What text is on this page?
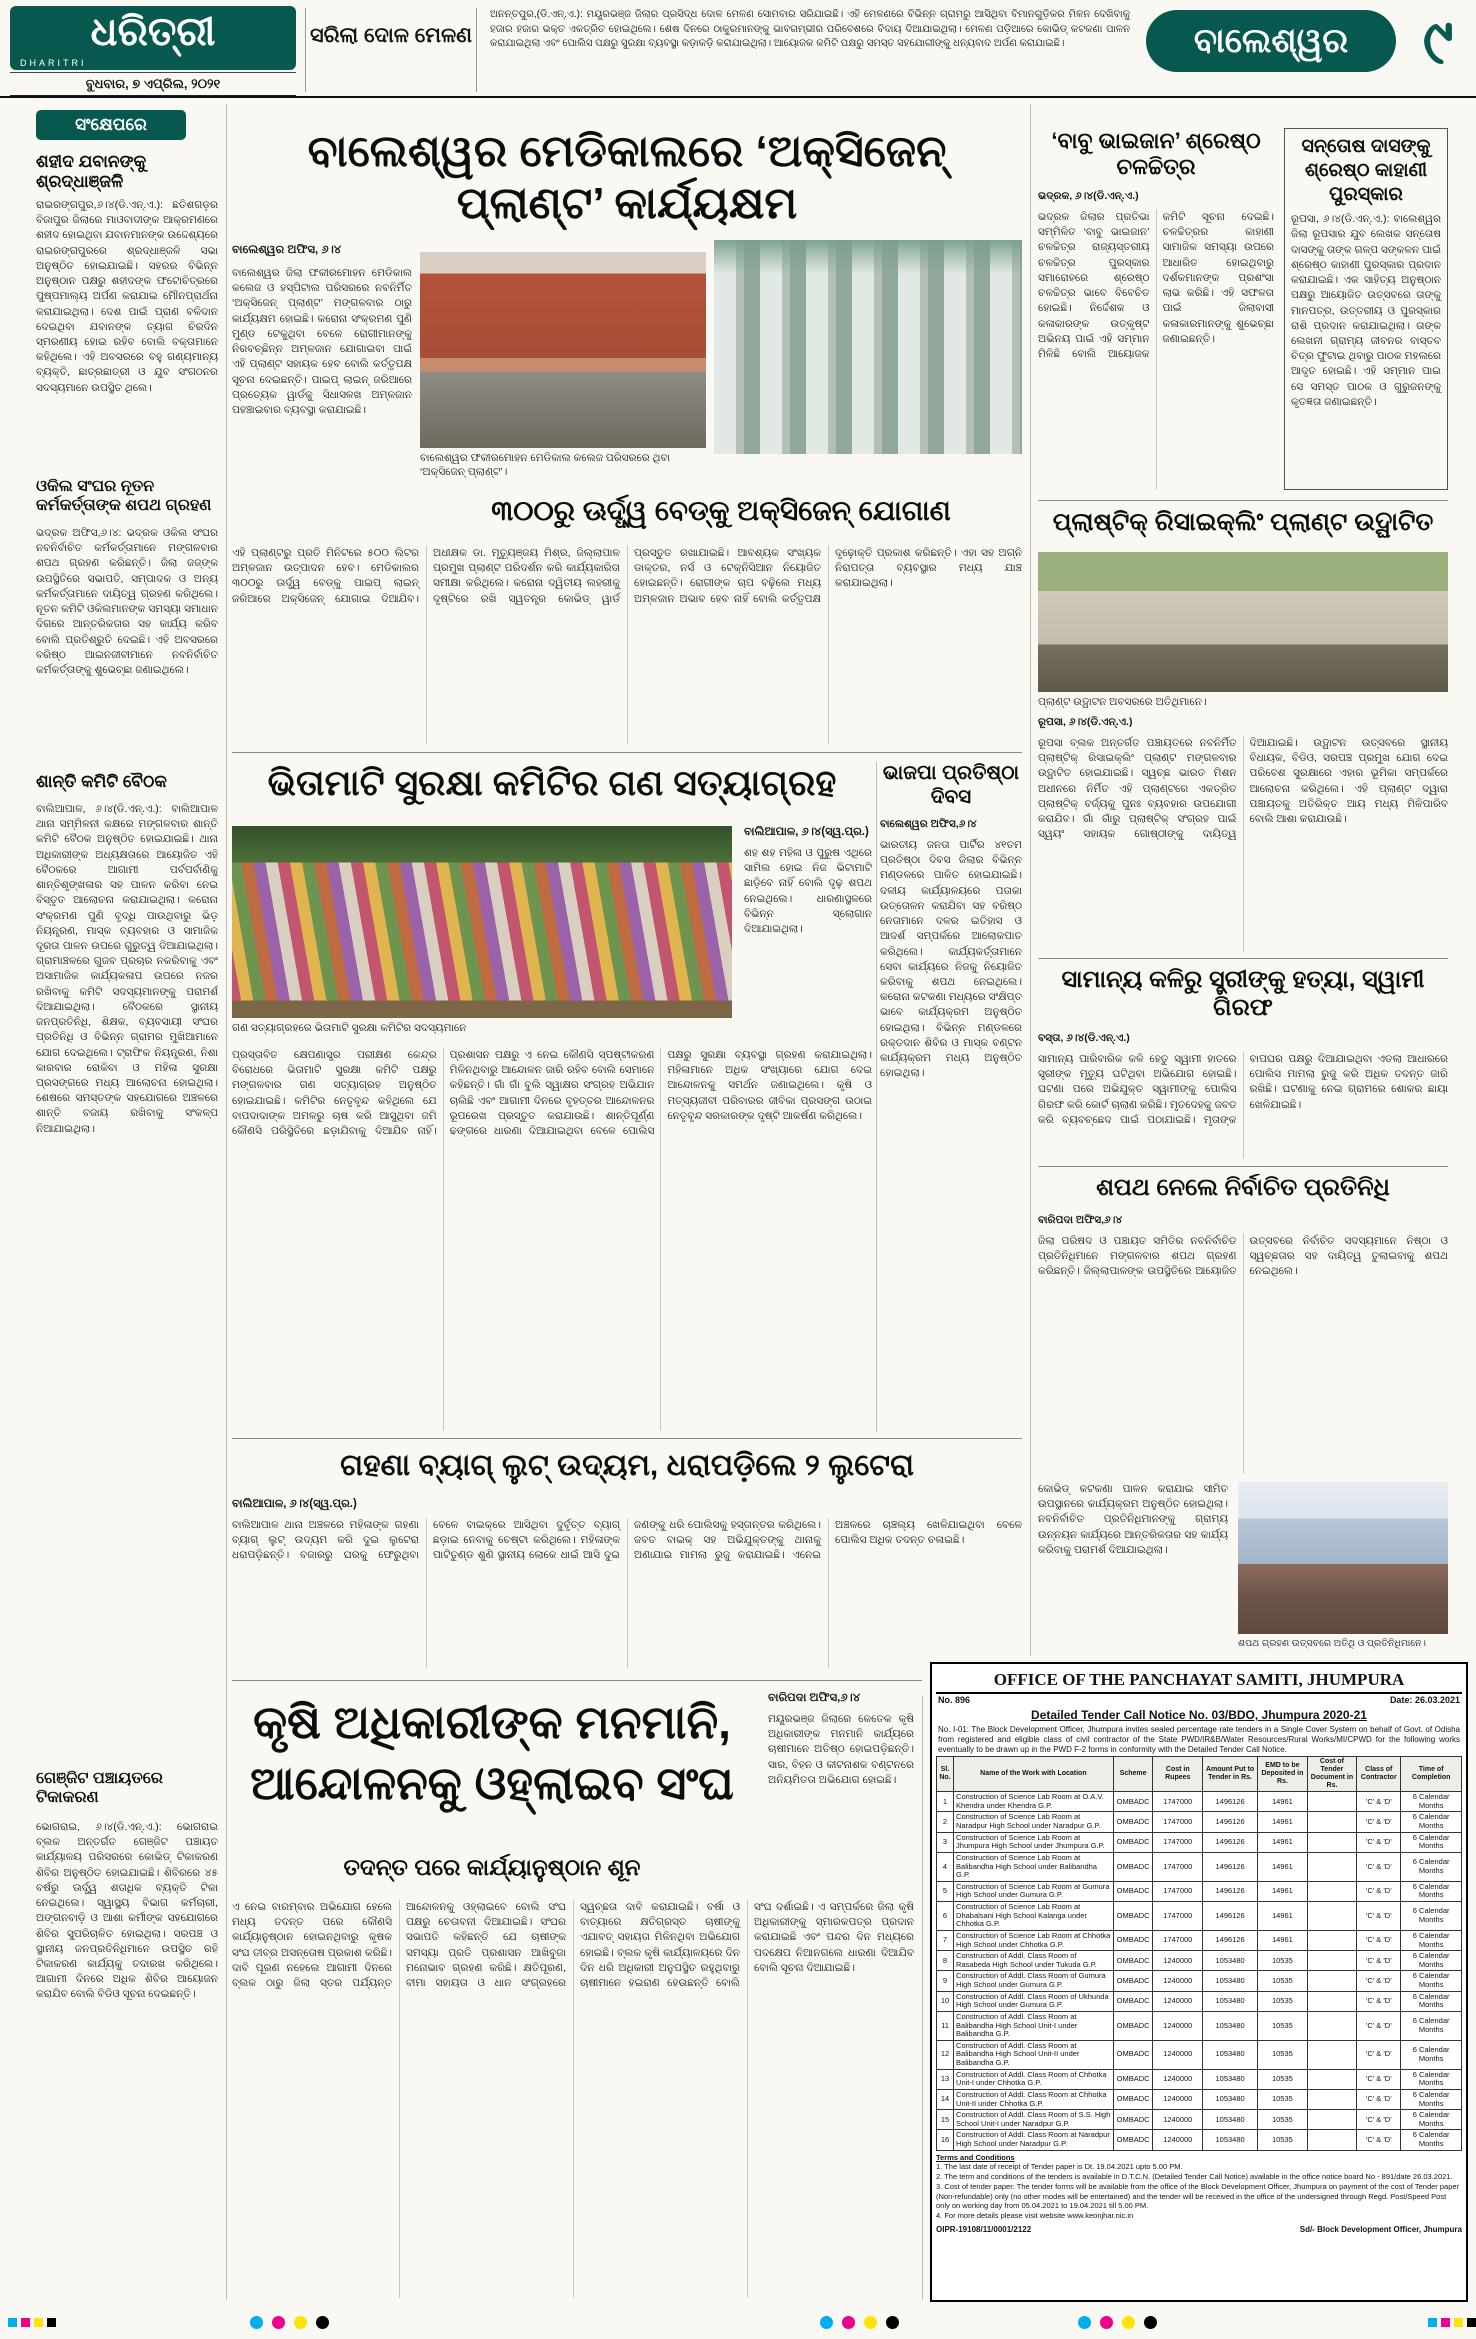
ଧରିତ୍ରୀ
DHARITRI
ବୁଧବାର, ୭ ଏପ୍ରିଲ, ୨୦୨୧
ସରିଲା ଦୋଳ ମେଳଣ
ଅନନ୍ତପୁର,(ଡି.ଏନ୍.ଏ.): ମୟୂରଭଞ୍ଜ ଜିଲାର ପ୍ରସିଦ୍ଧ ଦୋଳ ମେଳଣ ସୋମବାର ସରିଯାଇଛି। ଏହି ମେଳଣରେ ବିଭିନ୍ନ ଗ୍ରାମରୁ ଆସିଥିବା ବିମାନଗୁଡ଼ିକର ମିଳନ ଦେଖିବାକୁ ହଜାର ହଜାର ଭକ୍ତ ଏକତ୍ରିତ ହୋଇଥିଲେ। ଶେଷ ଦିନରେ ଠାକୁରମାନଙ୍କୁ ଭାବଗମ୍ଭୀର ପରିବେଶରେ ବିଦାୟ ଦିଆଯାଇଥିଲା। ମେଳଣ ପଡ଼ିଆରେ କୋଭିଡ୍ କଟକଣା ପାଳନ କରାଯାଇଥିଲା ଏବଂ ପୋଲିସ ପକ୍ଷରୁ ସୁରକ୍ଷା ବ୍ୟବସ୍ଥା କଡ଼ାକଡ଼ି କରାଯାଇଥିଲା। ଆୟୋଜକ କମିଟି ପକ୍ଷରୁ ସମସ୍ତ ସହଯୋଗୀଙ୍କୁ ଧନ୍ୟବାଦ ଅର୍ପଣ କରାଯାଇଛି।	ବାଲେଶ୍ୱର	୯
ସଂକ୍ଷେପରେ
ଶହୀଦ ଯବାନଙ୍କୁ ଶ୍ରଦ୍ଧାଞ୍ଜଳି
ରାଇରଙ୍ଗପୁର,୬।୪(ଡି.ଏନ୍.ଏ.): ଛତିଶଗଡ଼ର ବିଜାପୁର ଜିଲାରେ ମାଓବାଦୀଙ୍କ ଆକ୍ରମଣରେ ଶହୀଦ ହୋଇଥିବା ଯବାନମାନଙ୍କ ଉଦ୍ଦେଶ୍ୟରେ ରାଇରଙ୍ଗପୁରରେ ଶ୍ରଦ୍ଧାଞ୍ଜଳି ସଭା ଅନୁଷ୍ଠିତ ହୋଇଯାଇଛି। ସହରର ବିଭିନ୍ନ ଅନୁଷ୍ଠାନ ପକ୍ଷରୁ ଶହୀଦଙ୍କ ଫଟୋଚିତ୍ରରେ ପୁଷ୍ପମାଲ୍ୟ ଅର୍ପଣ କରାଯାଇ ମୌନପ୍ରାର୍ଥନା କରାଯାଇଥିଲା। ଦେଶ ପାଇଁ ପ୍ରାଣ ବଳିଦାନ ଦେଇଥିବା ଯବାନଙ୍କ ତ୍ୟାଗ ଚିରଦିନ ସ୍ମରଣୀୟ ହୋଇ ରହିବ ବୋଲି ବକ୍ତାମାନେ କହିଥିଲେ। ଏହି ଅବସରରେ ବହୁ ଗଣ୍ୟମାନ୍ୟ ବ୍ୟକ୍ତି, ଛାତ୍ରଛାତ୍ରୀ ଓ ଯୁବ ସଂଗଠନର ସଦସ୍ୟମାନେ ଉପସ୍ଥିତ ଥିଲେ।
ଓକିଲ ସଂଘର ନୂତନ କର୍ମକର୍ତ୍ତାଙ୍କ ଶପଥ ଗ୍ରହଣ
ଭଦ୍ରକ ଅଫିସ,୬।୪: ଭଦ୍ରକ ଓକିଲ ସଂଘର ନବନିର୍ବାଚିତ କର୍ମକର୍ତ୍ତାମାନେ ମଙ୍ଗଳବାର ଶପଥ ଗ୍ରହଣ କରିଛନ୍ତି। ଜିଲା ଜଜ୍‌ଙ୍କ ଉପସ୍ଥିତିରେ ସଭାପତି, ସମ୍ପାଦକ ଓ ଅନ୍ୟ କର୍ମକର୍ତ୍ତାମାନେ ଦାୟିତ୍ୱ ଗ୍ରହଣ କରିଥିଲେ। ନୂତନ କମିଟି ଓକିଲମାନଙ୍କ ସମସ୍ୟା ସମାଧାନ ଦିଗରେ ଆନ୍ତରିକତାର ସହ କାର୍ଯ୍ୟ କରିବ ବୋଲି ପ୍ରତିଶ୍ରୁତି ଦେଇଛି। ଏହି ଅବସରରେ ବରିଷ୍ଠ ଆଇନଜୀବୀମାନେ ନବନିର୍ବାଚିତ କର୍ମକର୍ତ୍ତାଙ୍କୁ ଶୁଭେଚ୍ଛା ଜଣାଇଥିଲେ।
ଶାନ୍ତି କମିଟି ବୈଠକ
ବାଲିଆପାଳ, ୬।୪(ଡି.ଏନ୍.ଏ.): ବାଲିଆପାଳ ଥାନା ସମ୍ମିଳନୀ କକ୍ଷରେ ମଙ୍ଗଳବାର ଶାନ୍ତି କମିଟି ବୈଠକ ଅନୁଷ୍ଠିତ ହୋଇଯାଇଛି। ଥାନା ଅଧିକାରୀଙ୍କ ଅଧ୍ୟକ୍ଷତାରେ ଆୟୋଜିତ ଏହି ବୈଠକରେ ଆଗାମୀ ପର୍ବପର୍ବାଣିକୁ ଶାନ୍ତିଶୃଙ୍ଖଳାର ସହ ପାଳନ କରିବା ନେଇ ବିସ୍ତୃତ ଆଲୋଚନା କରାଯାଇଥିଲା। କରୋନା ସଂକ୍ରମଣ ପୁଣି ବୃଦ୍ଧି ପାଉଥିବାରୁ ଭିଡ଼ ନିୟନ୍ତ୍ରଣ, ମାସ୍କ ବ୍ୟବହାର ଓ ସାମାଜିକ ଦୂରତା ପାଳନ ଉପରେ ଗୁରୁତ୍ୱ ଦିଆଯାଇଥିଲା। ଗ୍ରାମାଞ୍ଚଳରେ ଗୁଜବ ପ୍ରଚାର ନକରିବାକୁ ଏବଂ ଅସାମାଜିକ କାର୍ଯ୍ୟକଳାପ ଉପରେ ନଜର ରଖିବାକୁ କମିଟି ସଦସ୍ୟମାନଙ୍କୁ ପରାମର୍ଶ ଦିଆଯାଇଥିଲା। ବୈଠକରେ ସ୍ଥାନୀୟ ଜନପ୍ରତିନିଧି, ଶିକ୍ଷକ, ବ୍ୟବସାୟୀ ସଂଘର ପ୍ରତିନିଧି ଓ ବିଭିନ୍ନ ଗ୍ରାମର ମୁଖିଆମାନେ ଯୋଗ ଦେଇଥିଲେ। ଟ୍ରାଫିକ ନିୟନ୍ତ୍ରଣ, ନିଶା କାରବାର ରୋକିବା ଓ ମହିଳା ସୁରକ୍ଷା ପ୍ରସଙ୍ଗରେ ମଧ୍ୟ ଆଲୋଚନା ହୋଇଥିଲା। ଶେଷରେ ସମସ୍ତଙ୍କ ସହଯୋଗରେ ଅଞ୍ଚଳରେ ଶାନ୍ତି ବଜାୟ ରଖିବାକୁ ସଂକଳ୍ପ ନିଆଯାଇଥିଲା।
ଗେଞ୍ଜିଟ ପଞ୍ଚାୟତରେ ଟିକାକରଣ
ଭୋଗରାଇ, ୬।୪(ଡି.ଏନ୍.ଏ.): ଭୋଗରାଇ ବ୍ଲକ ଅନ୍ତର୍ଗତ ଗେଞ୍ଜିଟ ପଞ୍ଚାୟତ କାର୍ଯ୍ୟାଳୟ ପରିସରରେ କୋଭିଡ୍ ଟିକାକରଣ ଶିବିର ଅନୁଷ୍ଠିତ ହୋଇଯାଇଛି। ଶିବିରରେ ୪୫ ବର୍ଷରୁ ଊର୍ଦ୍ଧ୍ୱ ଶତାଧିକ ବ୍ୟକ୍ତି ଟିକା ନେଇଥିଲେ। ସ୍ୱାସ୍ଥ୍ୟ ବିଭାଗ କର୍ମଚାରୀ, ଅଙ୍ଗନବାଡ଼ି ଓ ଆଶା କର୍ମୀଙ୍କ ସହଯୋଗରେ ଶିବିର ସୁପରିଚାଳିତ ହୋଇଥିଲା। ସରପଞ୍ଚ ଓ ସ୍ଥାନୀୟ ଜନପ୍ରତିନିଧିମାନେ ଉପସ୍ଥିତ ରହି ଟିକାକରଣ କାର୍ଯ୍ୟକୁ ତଦାରଖ କରିଥିଲେ। ଆଗାମୀ ଦିନରେ ଅଧିକ ଶିବିର ଆୟୋଜନ କରାଯିବ ବୋଲି ବିଡିଓ ସୂଚନା ଦେଇଛନ୍ତି।
ବାଲେଶ୍ୱର ମେଡିକାଲରେ ‘ଅକ୍ସିଜେନ୍ ପ୍ଲାଣ୍ଟ’ କାର୍ଯ୍ୟକ୍ଷମ
ବାଲେଶ୍ୱର ଅଫିସ, ୬।୪
ବାଲେଶ୍ୱର ଜିଲା ଫକୀରମୋହନ ମେଡିକାଲ କଲେଜ ଓ ହସ୍ପିଟାଲ ପରିସରରେ ନବନିର୍ମିତ ‘ଅକ୍ସିଜେନ୍ ପ୍ଲାଣ୍ଟ’ ମଙ୍ଗଳବାର ଠାରୁ କାର୍ଯ୍ୟକ୍ଷମ ହୋଇଛି। କରୋନା ସଂକ୍ରମଣ ପୁଣି ମୁଣ୍ଡ ଟେକୁଥିବା ବେଳେ ରୋଗୀମାନଙ୍କୁ ନିରବଚ୍ଛିନ୍ନ ଅମ୍ଳଜାନ ଯୋଗାଇବା ପାଇଁ ଏହି ପ୍ଲାଣ୍ଟ ସହାୟକ ହେବ ବୋଲି କର୍ତ୍ତୃପକ୍ଷ ସୂଚନା ଦେଇଛନ୍ତି। ପାଇପ୍ ଲାଇନ୍ ଜରିଆରେ ପ୍ରତ୍ୟେକ ୱାର୍ଡକୁ ସିଧାସଳଖ ଅମ୍ଳଜାନ ପହଞ୍ଚାଇବାର ବ୍ୟବସ୍ଥା କରାଯାଇଛି।
ବାଲେଶ୍ୱର ଫକୀରମୋହନ ମେଡିକାଲ କଲେଜ ପରିସରରେ ଥିବା ‘ଅକ୍ସିଜେନ୍ ପ୍ଲାଣ୍ଟ’।
୩୦୦ରୁ ଊର୍ଦ୍ଧ୍ୱ ବେଡ୍‌କୁ ଅକ୍ସିଜେନ୍ ଯୋଗାଣ
ଏହି ପ୍ଲାଣ୍ଟରୁ ପ୍ରତି ମିନିଟରେ ୫୦୦ ଲିଟର ଅମ୍ଳଜାନ ଉତ୍ପାଦନ ହେବ। ମେଡିକାଲର ୩୦୦ରୁ ଊର୍ଦ୍ଧ୍ୱ ବେଡ୍‌କୁ ପାଇପ୍ ଲାଇନ୍ ଜରିଆରେ ଅକ୍ସିଜେନ୍ ଯୋଗାଇ ଦିଆଯିବ। ଅଧୀକ୍ଷକ ଡା. ମୃତ୍ୟୁଞ୍ଜୟ ମିଶ୍ର, ଜିଲ୍ଲାପାଳ ପ୍ରମୁଖ ପ୍ଲାଣ୍ଟ ପରିଦର୍ଶନ କରି କାର୍ଯ୍ୟକାରିତା ସମୀକ୍ଷା କରିଥିଲେ। କରୋନା ଦ୍ୱିତୀୟ ଲହରୀକୁ ଦୃଷ୍ଟିରେ ରଖି ସ୍ୱତନ୍ତ୍ର କୋଭିଡ୍ ୱାର୍ଡ ପ୍ରସ୍ତୁତ ରଖାଯାଇଛି। ଆବଶ୍ୟକ ସଂଖ୍ୟକ ଡାକ୍ତର, ନର୍ସ ଓ ଟେକ୍ନିସିଆନ ନିୟୋଜିତ ହୋଇଛନ୍ତି। ରୋଗୀଙ୍କ ଚାପ ବଢ଼ିଲେ ମଧ୍ୟ ଅମ୍ଳଜାନ ଅଭାବ ହେବ ନାହିଁ ବୋଲି କର୍ତ୍ତୃପକ୍ଷ ଦୃଢ଼ୋକ୍ତି ପ୍ରକାଶ କରିଛନ୍ତି। ଏହା ସହ ଅଗ୍ନି ନିରାପତ୍ତା ବ୍ୟବସ୍ଥାର ମଧ୍ୟ ଯାଞ୍ଚ କରାଯାଇଥିଲା।
ଭିତାମାଟି ସୁରକ୍ଷା କମିଟିର ଗଣ ସତ୍ୟାଗ୍ରହ
ଗଣ ସତ୍ୟାଗ୍ରହରେ ଭିତାମାଟି ସୁରକ୍ଷା କମିଟିର ସଦସ୍ୟମାନେ
ବାଲିଆପାଳ, ୬।୪(ସ୍ୱ.ପ୍ର.)
ଶହ ଶହ ମହିଳା ଓ ପୁରୁଷ ଏଥିରେ ସାମିଲ ହୋଇ ନିଜ ଭିଟାମାଟି ଛାଡ଼ିବେ ନାହିଁ ବୋଲି ଦୃଢ଼ ଶପଥ ନେଇଥିଲେ। ଧାରଣାସ୍ଥଳରେ ବିଭିନ୍ନ ସ୍ଲୋଗାନ ଦିଆଯାଇଥିଲା।
ପ୍ରସ୍ତାବିତ କ୍ଷେପଣାସ୍ତ୍ର ପରୀକ୍ଷଣ କେନ୍ଦ୍ର ବିରୋଧରେ ଭିତାମାଟି ସୁରକ୍ଷା କମିଟି ପକ୍ଷରୁ ମଙ୍ଗଳବାର ଗଣ ସତ୍ୟାଗ୍ରହ ଅନୁଷ୍ଠିତ ହୋଇଯାଇଛି। କମିଟିର ନେତୃବୃନ୍ଦ କହିଥିଲେ ଯେ ବାପଦାଦାଙ୍କ ଅମଳରୁ ଚାଷ କରି ଆସୁଥିବା ଜମି କୌଣସି ପରିସ୍ଥିତିରେ ଛଡ଼ାଯିବାକୁ ଦିଆଯିବ ନାହିଁ। ପ୍ରଶାସନ ପକ୍ଷରୁ ଏ ନେଇ କୌଣସି ସ୍ପଷ୍ଟୀକରଣ ମିଳିନଥିବାରୁ ଆନ୍ଦୋଳନ ଜାରି ରହିବ ବୋଲି ସେମାନେ କହିଛନ୍ତି। ଗାଁ ଗାଁ ବୁଲି ସ୍ୱାକ୍ଷର ସଂଗ୍ରହ ଅଭିଯାନ ଚାଲିଛି ଏବଂ ଆଗାମୀ ଦିନରେ ବୃହତ୍ତର ଆନ୍ଦୋଳନର ରୂପରେଖ ପ୍ରସ୍ତୁତ କରାଯାଉଛି। ଶାନ୍ତିପୂର୍ଣ୍ଣ ଢଙ୍ଗରେ ଧାରଣା ଦିଆଯାଇଥିବା ବେଳେ ପୋଲିସ ପକ୍ଷରୁ ସୁରକ୍ଷା ବ୍ୟବସ୍ଥା ଗ୍ରହଣ କରାଯାଇଥିଲା। ମହିଳାମାନେ ଅଧିକ ସଂଖ୍ୟାରେ ଯୋଗ ଦେଇ ଆନ୍ଦୋଳନକୁ ସମର୍ଥନ ଜଣାଇଥିଲେ। କୃଷି ଓ ମତ୍ସ୍ୟଜୀବୀ ପରିବାରର ଜୀବିକା ପ୍ରସଙ୍ଗ ଉଠାଇ ନେତୃବୃନ୍ଦ ସରକାରଙ୍କ ଦୃଷ୍ଟି ଆକର୍ଷଣ କରିଥିଲେ।
ଭାଜପା ପ୍ରତିଷ୍ଠା ଦିବସ
ବାଲେଶ୍ୱର ଅଫିସ,୬।୪
ଭାରତୀୟ ଜନତା ପାର୍ଟିର ୪୧ତମ ପ୍ରତିଷ୍ଠା ଦିବସ ଜିଲାର ବିଭିନ୍ନ ମଣ୍ଡଳରେ ପାଳିତ ହୋଇଯାଇଛି। ଦଳୀୟ କାର୍ଯ୍ୟାଳୟରେ ପତାକା ଉତ୍ତୋଳନ କରାଯିବା ସହ ବରିଷ୍ଠ ନେତାମାନେ ଦଳର ଇତିହାସ ଓ ଆଦର୍ଶ ସମ୍ପର୍କରେ ଆଲୋକପାତ କରିଥିଲେ। କାର୍ଯ୍ୟକର୍ତ୍ତାମାନେ ସେବା କାର୍ଯ୍ୟରେ ନିଜକୁ ନିୟୋଜିତ କରିବାକୁ ଶପଥ ନେଇଥିଲେ। କରୋନା କଟକଣା ମଧ୍ୟରେ ସଂକ୍ଷିପ୍ତ ଭାବେ କାର୍ଯ୍ୟକ୍ରମ ଅନୁଷ୍ଠିତ ହୋଇଥିଲା। ବିଭିନ୍ନ ମଣ୍ଡଳରେ ରକ୍ତଦାନ ଶିବିର ଓ ମାସ୍କ ବଣ୍ଟନ କାର୍ଯ୍ୟକ୍ରମ ମଧ୍ୟ ଅନୁଷ୍ଠିତ ହୋଇଥିଲା।
ଗହଣା ବ୍ୟାଗ୍ ଲୁଟ୍ ଉଦ୍ୟମ, ଧରାପଡ଼ିଲେ ୨ ଲୁଟେରା
ବାଲିଆପାଳ, ୬।୪(ସ୍ୱ.ପ୍ର.)
ବାଲିଆପାଳ ଥାନା ଅଞ୍ଚଳରେ ମହିଳାଙ୍କ ଗହଣା ବ୍ୟାଗ୍ ଲୁଟ୍ ଉଦ୍ୟମ କରି ଦୁଇ ଲୁଟେରା ଧରାପଡ଼ିଛନ୍ତି। ବଜାରରୁ ଘରକୁ ଫେରୁଥିବା ବେଳେ ବାଇକ୍‌ରେ ଆସିଥିବା ଦୁର୍ବୃତ୍ତ ବ୍ୟାଗ୍ ଛଡ଼ାଇ ନେବାକୁ ଚେଷ୍ଟା କରିଥିଲେ। ମହିଳାଙ୍କ ପାଟିତୁଣ୍ଡ ଶୁଣି ସ୍ଥାନୀୟ ଲୋକେ ଧାଇଁ ଆସି ଦୁଇ ଜଣଙ୍କୁ ଧରି ପୋଲିସକୁ ହସ୍ତାନ୍ତର କରିଥିଲେ। ଜବତ ବାଇକ୍ ସହ ଅଭିଯୁକ୍ତଙ୍କୁ ଥାନାକୁ ଅଣାଯାଇ ମାମଲା ରୁଜୁ କରାଯାଇଛି। ଏନେଇ ଅଞ୍ଚଳରେ ଚାଞ୍ଚଲ୍ୟ ଖେଳିଯାଇଥିବା ବେଳେ ପୋଲିସ ଅଧିକ ତଦନ୍ତ ଚଳାଇଛି।
କୃଷି ଅଧିକାରୀଙ୍କ ମନମାନି, ଆନ୍ଦୋଳନକୁ ଓହ୍ଲାଇବ ସଂଘ
ତଦନ୍ତ ପରେ କାର୍ଯ୍ୟାନୁଷ୍ଠାନ ଶୂନ
ବାରିପଦା ଅଫିସ,୬।୪
ମୟୂରଭଞ୍ଜ ଜିଲାରେ କେତେକ କୃଷି ଅଧିକାରୀଙ୍କ ମନମାନି କାର୍ଯ୍ୟରେ ଚାଷୀମାନେ ଅତିଷ୍ଠ ହୋଇପଡ଼ିଛନ୍ତି। ସାର, ବିହନ ଓ କୀଟନାଶକ ବଣ୍ଟନରେ ଅନିୟମିତତା ଅଭିଯୋଗ ହୋଇଛି।
ଏ ନେଇ ବାରମ୍ବାର ଅଭିଯୋଗ ହେଲେ ମଧ୍ୟ ତଦନ୍ତ ପରେ କୌଣସି କାର୍ଯ୍ୟାନୁଷ୍ଠାନ ହୋଇନଥିବାରୁ କୃଷକ ସଂଘ ତୀବ୍ର ଅସନ୍ତୋଷ ପ୍ରକାଶ କରିଛି। ଦାବି ପୂରଣ ନହେଲେ ଆଗାମୀ ଦିନରେ ବ୍ଲକ ଠାରୁ ଜିଲା ସ୍ତର ପର୍ଯ୍ୟନ୍ତ ଆନ୍ଦୋଳନକୁ ଓହ୍ଲାଇବେ ବୋଲି ସଂଘ ପକ୍ଷରୁ ଚେତାବନୀ ଦିଆଯାଇଛି। ସଂଘର ସଭାପତି କହିଛନ୍ତି ଯେ ଚାଷୀଙ୍କ ସମସ୍ୟା ପ୍ରତି ପ୍ରଶାସନ ଆଖିବୁଜା ମନୋଭାବ ଗ୍ରହଣ କରିଛି। କ୍ଷତିପୂରଣ, ବୀମା ସହାୟତା ଓ ଧାନ ସଂଗ୍ରହରେ ସ୍ୱଚ୍ଛତା ଦାବି କରାଯାଇଛି। ବର୍ଷା ଓ ବାତ୍ୟାରେ କ୍ଷତିଗ୍ରସ୍ତ ଚାଷୀଙ୍କୁ ଏଯାବତ୍ ସହାୟତା ମିଳିନଥିବା ଅଭିଯୋଗ ହୋଇଛି। ବ୍ଲକ କୃଷି କାର୍ଯ୍ୟାଳୟରେ ଦିନ ଦିନ ଧରି ଅଧିକାରୀ ଅନୁପସ୍ଥିତ ରହୁଥିବାରୁ ଚାଷୀମାନେ ହଇରାଣ ହେଉଛନ୍ତି ବୋଲି ସଂଘ ଦର୍ଶାଇଛି। ଏ ସମ୍ପର୍କରେ ଜିଲା କୃଷି ଅଧିକାରୀଙ୍କୁ ସ୍ମାରକପତ୍ର ପ୍ରଦାନ କରାଯାଇଛି ଏବଂ ପନ୍ଦର ଦିନ ମଧ୍ୟରେ ପଦକ୍ଷେପ ନିଆନଗଲେ ଧାରଣା ଦିଆଯିବ ବୋଲି ସୂଚନା ଦିଆଯାଇଛି।
‘ବାବୁ ଭାଇଜାନ’ ଶ୍ରେଷ୍ଠ ଚଳଚ୍ଚିତ୍ର
ଭଦ୍ରକ, ୬।୪(ଡି.ଏନ୍.ଏ.)
ଭଦ୍ରକ ଜିଲାର ପ୍ରତିଭା ସମ୍ମିଳିତ ‘ବାବୁ ଭାଇଜାନ’ ଚଳଚ୍ଚିତ୍ର ରାଜ୍ୟସ୍ତରୀୟ ଚଳଚ୍ଚିତ୍ର ପୁରସ୍କାର ସମାରୋହରେ ଶ୍ରେଷ୍ଠ ଚଳଚ୍ଚିତ୍ର ଭାବେ ବିବେଚିତ ହୋଇଛି। ନିର୍ଦ୍ଦେଶକ ଓ କଳାକାରଙ୍କ ଉତ୍କୃଷ୍ଟ ଅଭିନୟ ପାଇଁ ଏହି ସମ୍ମାନ ମିଳିଛି ବୋଲି ଆୟୋଜକ କମିଟି ସୂଚନା ଦେଇଛି। ଚଳଚ୍ଚିତ୍ରର କାହାଣୀ ସାମାଜିକ ସମସ୍ୟା ଉପରେ ଆଧାରିତ ହୋଇଥିବାରୁ ଦର୍ଶକମାନଙ୍କ ପ୍ରଶଂସା ଲାଭ କରିଛି। ଏହି ସଫଳତା ପାଇଁ ଜିଲାବାସୀ କଳାକାରମାନଙ୍କୁ ଶୁଭେଚ୍ଛା ଜଣାଇଛନ୍ତି।
ସନ୍ତୋଷ ଦାସଙ୍କୁ ଶ୍ରେଷ୍ଠ କାହାଣୀ ପୁରସ୍କାର
ରୂପସା, ୬।୪(ଡି.ଏନ୍.ଏ.): ବାଲେଶ୍ୱର ଜିଲା ରୂପସାର ଯୁବ ଲେଖକ ସନ୍ତୋଷ ଦାସଙ୍କୁ ତାଙ୍କ ଗଳ୍ପ ସଙ୍କଳନ ପାଇଁ ଶ୍ରେଷ୍ଠ କାହାଣୀ ପୁରସ୍କାର ପ୍ରଦାନ କରାଯାଇଛି। ଏକ ସାହିତ୍ୟ ଅନୁଷ୍ଠାନ ପକ୍ଷରୁ ଆୟୋଜିତ ଉତ୍ସବରେ ତାଙ୍କୁ ମାନପତ୍ର, ଉତ୍ତରୀୟ ଓ ପୁରସ୍କାର ରାଶି ପ୍ରଦାନ କରାଯାଇଥିଲା। ତାଙ୍କ ଲେଖନୀ ଗ୍ରାମ୍ୟ ଜୀବନର ବାସ୍ତବ ଚିତ୍ର ଫୁଟାଇ ଥିବାରୁ ପାଠକ ମହଲରେ ଆଦୃତ ହୋଇଛି। ଏହି ସମ୍ମାନ ପାଇ ସେ ସମସ୍ତ ପାଠକ ଓ ଗୁରୁଜନଙ୍କୁ କୃତଜ୍ଞତା ଜଣାଇଛନ୍ତି।
ପ୍ଲାଷ୍ଟିକ୍ ରିସାଇକ୍ଲିଂ ପ୍ଲାଣ୍ଟ ଉଦ୍ଘାଟିତ
ପ୍ଲାଣ୍ଟ ଉଦ୍ଘାଟନ ଅବସରରେ ଅତିଥିମାନେ।
ରୂପସା, ୬।୪(ଡି.ଏନ୍.ଏ.)
ରୂପସା ବ୍ଲକ ଅନ୍ତର୍ଗତ ପଞ୍ଚାୟତରେ ନବନିର୍ମିତ ପ୍ଲାଷ୍ଟିକ୍ ରିସାଇକ୍ଲିଂ ପ୍ଲାଣ୍ଟ ମଙ୍ଗଳବାର ଉଦ୍ଘାଟିତ ହୋଇଯାଇଛି। ସ୍ୱଚ୍ଛ ଭାରତ ମିଶନ ଅଧୀନରେ ନିର୍ମିତ ଏହି ପ୍ଲାଣ୍ଟରେ ଏକତ୍ରିତ ପ୍ଲାଷ୍ଟିକ୍ ବର୍ଜ୍ୟକୁ ପୁନଃ ବ୍ୟବହାର ଉପଯୋଗୀ କରାଯିବ। ଗାଁ ଗାଁରୁ ପ୍ଲାଷ୍ଟିକ୍ ସଂଗ୍ରହ ପାଇଁ ସ୍ୱୟଂ ସହାୟକ ଗୋଷ୍ଠୀଙ୍କୁ ଦାୟିତ୍ୱ ଦିଆଯାଇଛି। ଉଦ୍ଘାଟନ ଉତ୍ସବରେ ସ୍ଥାନୀୟ ବିଧାୟକ, ବିଡିଓ, ସରପଞ୍ଚ ପ୍ରମୁଖ ଯୋଗ ଦେଇ ପରିବେଶ ସୁରକ୍ଷାରେ ଏହାର ଭୂମିକା ସମ୍ପର୍କରେ ଆଲୋଚନା କରିଥିଲେ। ଏହି ପ୍ଲାଣ୍ଟ ଦ୍ୱାରା ପଞ୍ଚାୟତକୁ ଅତିରିକ୍ତ ଆୟ ମଧ୍ୟ ମିଳିପାରିବ ବୋଲି ଆଶା କରାଯାଉଛି।
ସାମାନ୍ୟ କଳିରୁ ସ୍ତ୍ରୀଙ୍କୁ ହତ୍ୟା, ସ୍ୱାମୀ ଗିରଫ
ବସ୍ତା, ୬।୪(ଡି.ଏନ୍.ଏ.)
ସାମାନ୍ୟ ପାରିବାରିକ କଳି ହେତୁ ସ୍ୱାମୀ ହାତରେ ସ୍ତ୍ରୀଙ୍କ ମୃତ୍ୟୁ ଘଟିଥିବା ଅଭିଯୋଗ ହୋଇଛି। ଘଟଣା ପରେ ଅଭିଯୁକ୍ତ ସ୍ୱାମୀଙ୍କୁ ପୋଲିସ ଗିରଫ କରି କୋର୍ଟ ଚାଲାଣ କରିଛି। ମୃତଦେହକୁ ଜବତ କରି ବ୍ୟବଚ୍ଛେଦ ପାଇଁ ପଠାଯାଇଛି। ମୃତାଙ୍କ ବାପଘର ପକ୍ଷରୁ ଦିଆଯାଇଥିବା ଏତଲା ଆଧାରରେ ପୋଲିସ ମାମଲା ରୁଜୁ କରି ଅଧିକ ତଦନ୍ତ ଜାରି ରଖିଛି। ଘଟଣାକୁ ନେଇ ଗ୍ରାମରେ ଶୋକର ଛାୟା ଖେଳିଯାଇଛି।
ଶପଥ ନେଲେ ନିର୍ବାଚିତ ପ୍ରତିନିଧି
ବାରିପଦା ଅଫିସ,୬।୪
ଜିଲା ପରିଷଦ ଓ ପଞ୍ଚାୟତ ସମିତିର ନବନିର୍ବାଚିତ ପ୍ରତିନିଧିମାନେ ମଙ୍ଗଳବାର ଶପଥ ଗ୍ରହଣ କରିଛନ୍ତି। ଜିଲ୍ଲାପାଳଙ୍କ ଉପସ୍ଥିତିରେ ଆୟୋଜିତ ଉତ୍ସବରେ ନିର୍ବାଚିତ ସଦସ୍ୟମାନେ ନିଷ୍ଠା ଓ ସ୍ୱଚ୍ଛତାର ସହ ଦାୟିତ୍ୱ ତୁଲାଇବାକୁ ଶପଥ ନେଇଥିଲେ।
କୋଭିଡ୍ କଟକଣା ପାଳନ କରାଯାଇ ସୀମିତ ଉପସ୍ଥାନରେ କାର୍ଯ୍ୟକ୍ରମ ଅନୁଷ୍ଠିତ ହୋଇଥିଲା। ନବନିର୍ବାଚିତ ପ୍ରତିନିଧିମାନଙ୍କୁ ଗ୍ରାମ୍ୟ ଉନ୍ନୟନ କାର୍ଯ୍ୟରେ ଆନ୍ତରିକତାର ସହ କାର୍ଯ୍ୟ କରିବାକୁ ପରାମର୍ଶ ଦିଆଯାଇଥିଲା।
ଶପଥ ଗ୍ରହଣ ଉତ୍ସବରେ ଅତିଥି ଓ ପ୍ରତିନିଧିମାନେ।
OFFICE OF THE PANCHAYAT SAMITI, JHUMPURA
No. 896	Date: 26.03.2021
Detailed Tender Call Notice No. 03/BDO, Jhumpura 2020-21
No. I-01: The Block Development Officer, Jhumpura invites sealed percentage rate tenders in a Single Cover System on behalf of Govt. of Odisha from registered and eligible class of civil contractor of the State PWD/IR&B/Water Resources/Rural Works/MI/CPWD for the following works eventually to be drawn up in the PWD F-2 forms in conformity with the Detailed Tender Call Notice.
Sl. No.	Name of the Work with Location	Scheme	Cost in Rupees	Amount Put to Tender in Rs.	EMD to be Deposited in Rs.	Cost of Tender Document in Rs.	Class of Contractor	Time of Completion
1	Construction of Science Lab Room at O.A.V. Khendra under Khendra G.P.	OMBADC	1747000	1496126	14961		'C' & 'D'	6 Calendar Months
2	Construction of Science Lab Room at Naradpur High School under Naradpur G.P.	OMBADC	1747000	1496126	14961		'C' & 'D'	6 Calendar Months
3	Construction of Science Lab Room at Jhumpura High School under Jhumpura G.P.	OMBADC	1747000	1496126	14961		'C' & 'D'	6 Calendar Months
4	Construction of Science Lab Room at Balibandha High School under Balibandha G.P.	OMBADC	1747000	1496126	14961		'C' & 'D'	6 Calendar Months
5	Construction of Science Lab Room at Gumura High School under Gumura G.P.	OMBADC	1747000	1496126	14961		'C' & 'D'	6 Calendar Months
6	Construction of Science Lab Room at Dhabalsani High School Kalanga under Chhotka G.P.	OMBADC	1747000	1496126	14961		'C' & 'D'	6 Calendar Months
7	Construction of Science Lab Room at Chhotka High School under Chhotka G.P.	OMBADC	1747000	1496126	14961		'C' & 'D'	6 Calendar Months
8	Construction of Addl. Class Room of Rasabeda High School under Tukuda G.P.	OMBADC	1240000	1053480	10535		'C' & 'D'	6 Calendar Months
9	Construction of Addl. Class Room of Gumura High School under Gumura G.P.	OMBADC	1240000	1053480	10535		'C' & 'D'	6 Calendar Months
10	Construction of Addl. Class Room of Ukhunda High School under Gumura G.P.	OMBADC	1240000	1053480	10535		'C' & 'D'	6 Calendar Months
11	Construction of Addl. Class Room at Balibandha High School Unit-I under Balibandha G.P.	OMBADC	1240000	1053480	10535		'C' & 'D'	6 Calendar Months
12	Construction of Addl. Class Room at Balibandha High School Unit-II under Balibandha G.P.	OMBADC	1240000	1053480	10535		'C' & 'D'	6 Calendar Months
13	Construction of Addl. Class Room of Chhotka Unit-I under Chhotka G.P.	OMBADC	1240000	1053480	10535		'C' & 'D'	6 Calendar Months
14	Construction of Addl. Class Room at Chhotka Unit-II under Chhotka G.P.	OMBADC	1240000	1053480	10535		'C' & 'D'	6 Calendar Months
15	Construction of Addl. Class Room of S.S. High School Unit-I under Naradpur G.P.	OMBADC	1240000	1053480	10535		'C' & 'D'	6 Calendar Months
16	Construction of Addl. Class Room at Naradpur High School under Naradpur G.P.	OMBADC	1240000	1053480	10535		'C' & 'D'	6 Calendar Months
Terms and Conditions
1. The last date of receipt of Tender paper is Dt. 19.04.2021 upto 5.00 PM.
2. The term and conditions of the tenders is available in D.T.C.N. (Detailed Tender Call Notice) available in the office notice board No - 891/date 26.03.2021.
3. Cost of tender paper: The tender forms will be available from the office of the Block Development Officer, Jhumpura on payment of the cost of Tender paper (Non-refundable) only (no other modes will be entertained) and the tender will be received in the office of the undersigned through Regd. Post/Speed Post only on working day from 05.04.2021 to 19.04.2021 till 5.00 PM.
4. For more details please visit website www.keonjhar.nic.in
OIPR-19108/11/0001/2122	Sd/- Block Development Officer, Jhumpura
